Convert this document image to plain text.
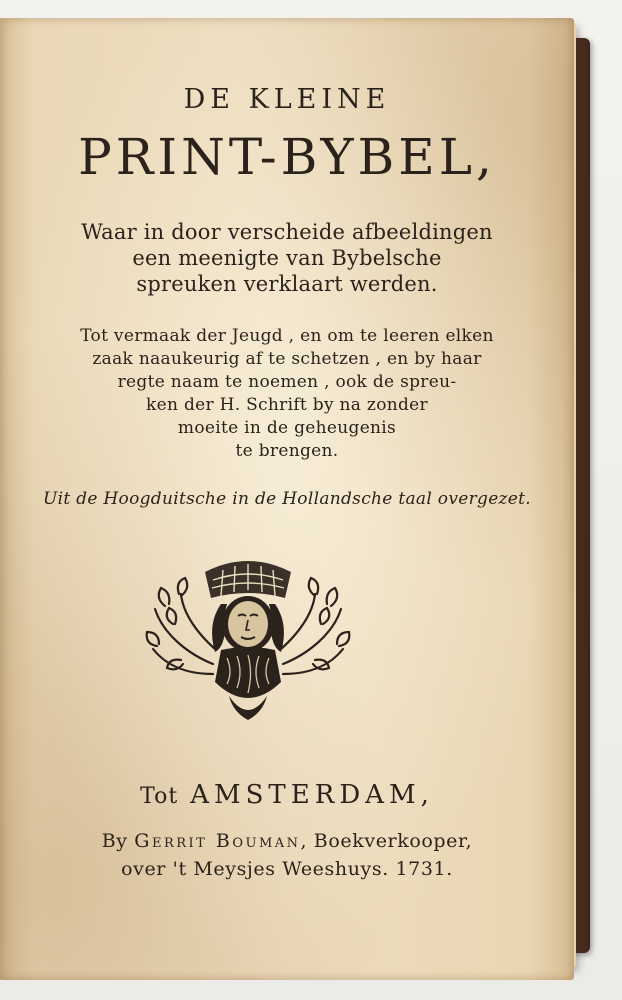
DE KLEINE
PRINT-BYBEL,
Waar in door verscheide afbeeldingen
een meenigte van Bybelsche
spreuken verklaart werden.
Tot vermaak der Jeugd , en om te leeren elken
zaak naaukeurig af te schetzen , en by haar
regte naam te noemen , ook de spreu-
ken der H. Schrift by na zonder
moeite in de geheugenis
te brengen.
Uit de Hoogduitsche in de Hollandsche taal overgezet.
Tot AMSTERDAM,
By Gerrit Bouman, Boekverkooper,
over 't Meysjes Weeshuys. 1731.
